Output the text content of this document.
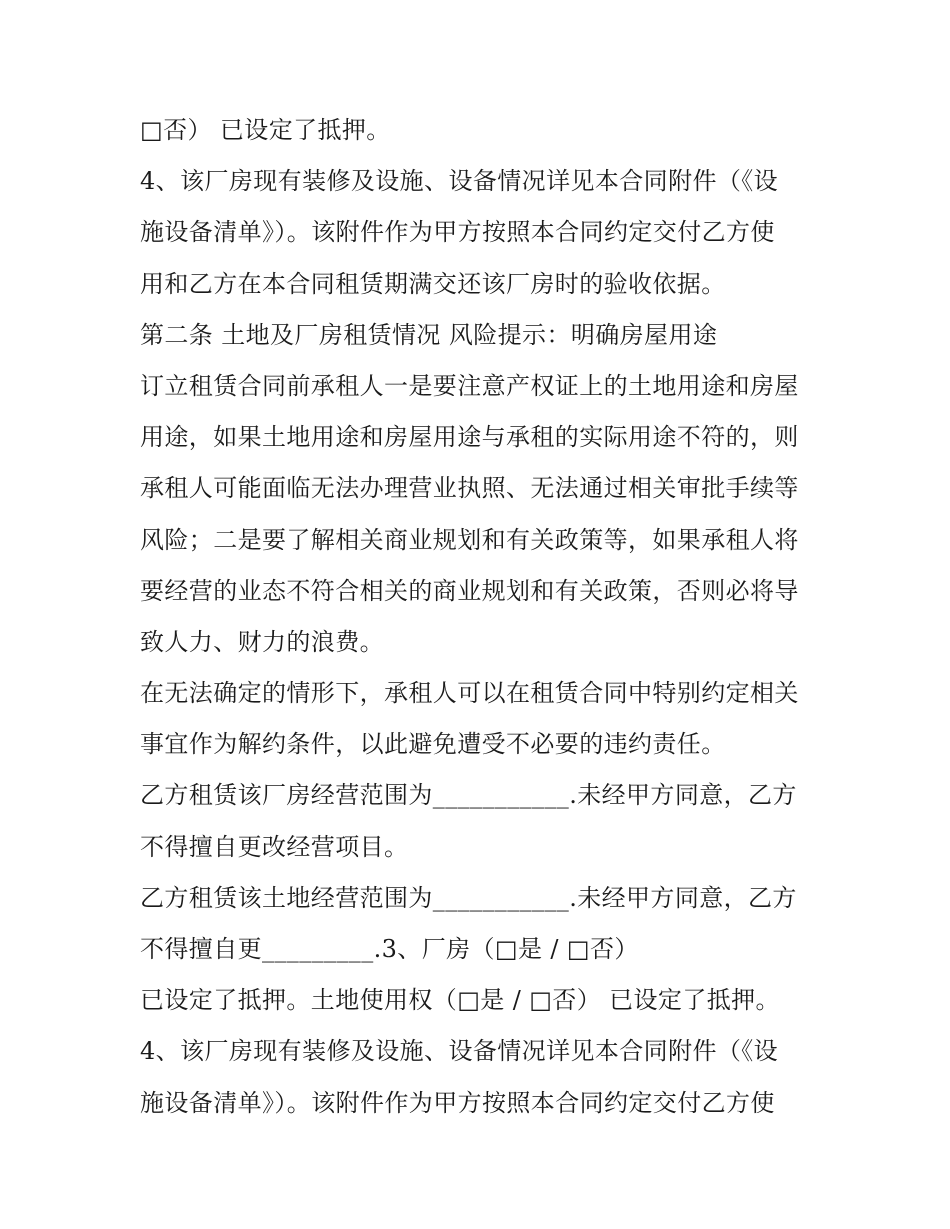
□否） 已设定了抵押。
4、该厂房现有装修及设施、设备情况详见本合同附件（《设
施设备清单》）。该附件作为甲方按照本合同约定交付乙方使
用和乙方在本合同租赁期满交还该厂房时的验收依据。
第二条 土地及厂房租赁情况 风险提示：明确房屋用途
订立租赁合同前承租人一是要注意产权证上的土地用途和房屋
用途，如果土地用途和房屋用途与承租的实际用途不符的，则
承租人可能面临无法办理营业执照、无法通过相关审批手续等
风险；二是要了解相关商业规划和有关政策等，如果承租人将
要经营的业态不符合相关的商业规划和有关政策，否则必将导
致人力、财力的浪费。
在无法确定的情形下，承租人可以在租赁合同中特别约定相关
事宜作为解约条件，以此避免遭受不必要的违约责任。
乙方租赁该厂房经营范围为___________.未经甲方同意，乙方
不得擅自更改经营项目。
乙方租赁该土地经营范围为___________.未经甲方同意，乙方
不得擅自更_________.3、厂房（□是 / □否）
已设定了抵押。土地使用权（□是 / □否） 已设定了抵押。
4、该厂房现有装修及设施、设备情况详见本合同附件（《设
施设备清单》）。该附件作为甲方按照本合同约定交付乙方使
